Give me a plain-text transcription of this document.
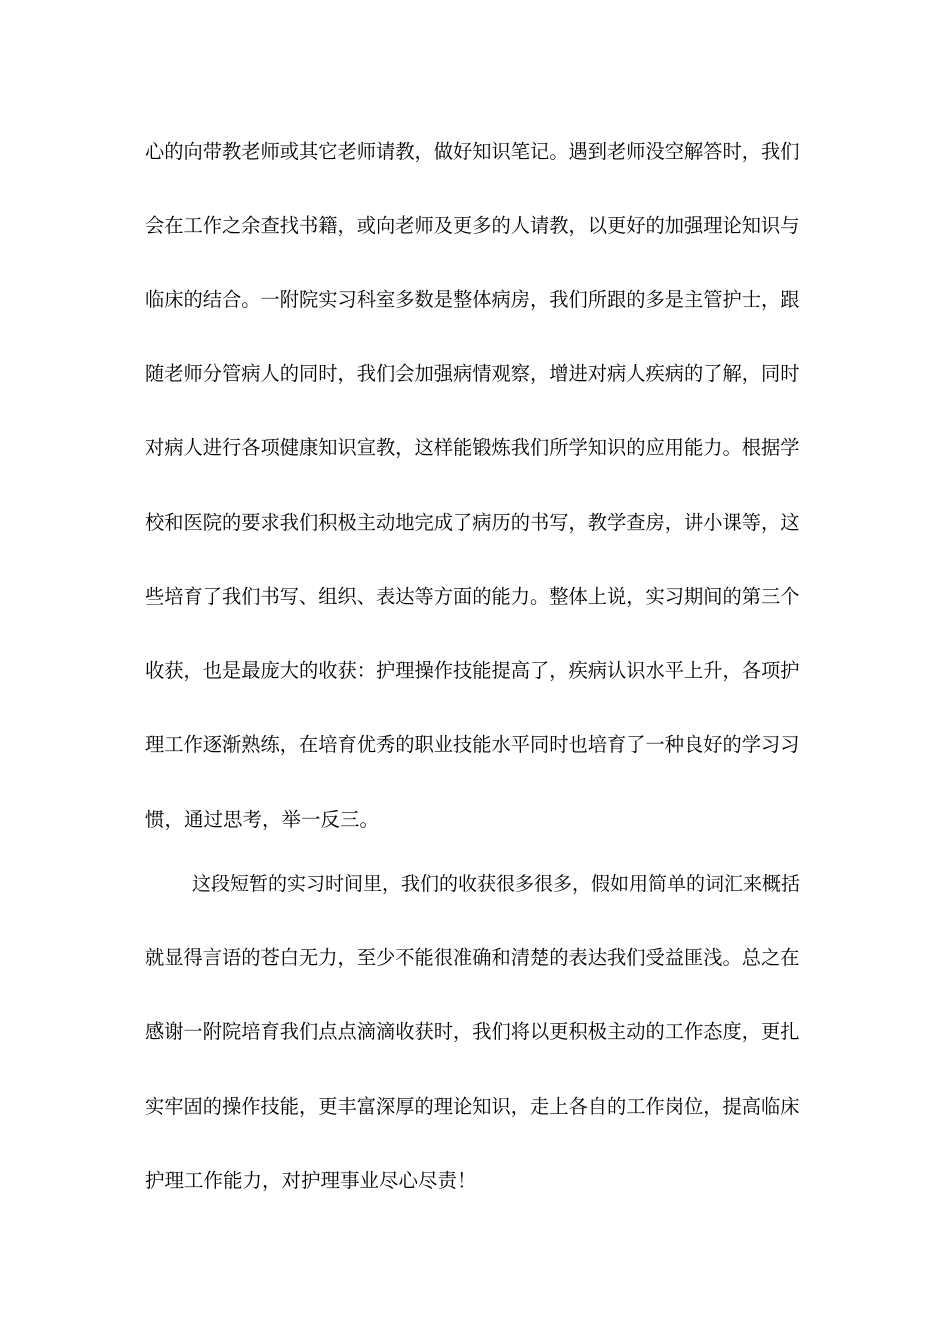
心的向带教老师或其它老师请教，做好知识笔记。遇到老师没空解答时，我们
会在工作之余查找书籍，或向老师及更多的人请教，以更好的加强理论知识与
临床的结合。一附院实习科室多数是整体病房，我们所跟的多是主管护士，跟
随老师分管病人的同时，我们会加强病情观察，增进对病人疾病的了解，同时
对病人进行各项健康知识宣教，这样能锻炼我们所学知识的应用能力。根据学
校和医院的要求我们积极主动地完成了病历的书写，教学查房，讲小课等，这
些培育了我们书写、组织、表达等方面的能力。整体上说，实习期间的第三个
收获，也是最庞大的收获：护理操作技能提高了，疾病认识水平上升，各项护
理工作逐渐熟练，在培育优秀的职业技能水平同时也培育了一种良好的学习习
惯，通过思考，举一反三。
这段短暂的实习时间里，我们的收获很多很多，假如用简单的词汇来概括
就显得言语的苍白无力，至少不能很准确和清楚的表达我们受益匪浅。总之在
感谢一附院培育我们点点滴滴收获时，我们将以更积极主动的工作态度，更扎
实牢固的操作技能，更丰富深厚的理论知识，走上各自的工作岗位，提高临床
护理工作能力，对护理事业尽心尽责！
